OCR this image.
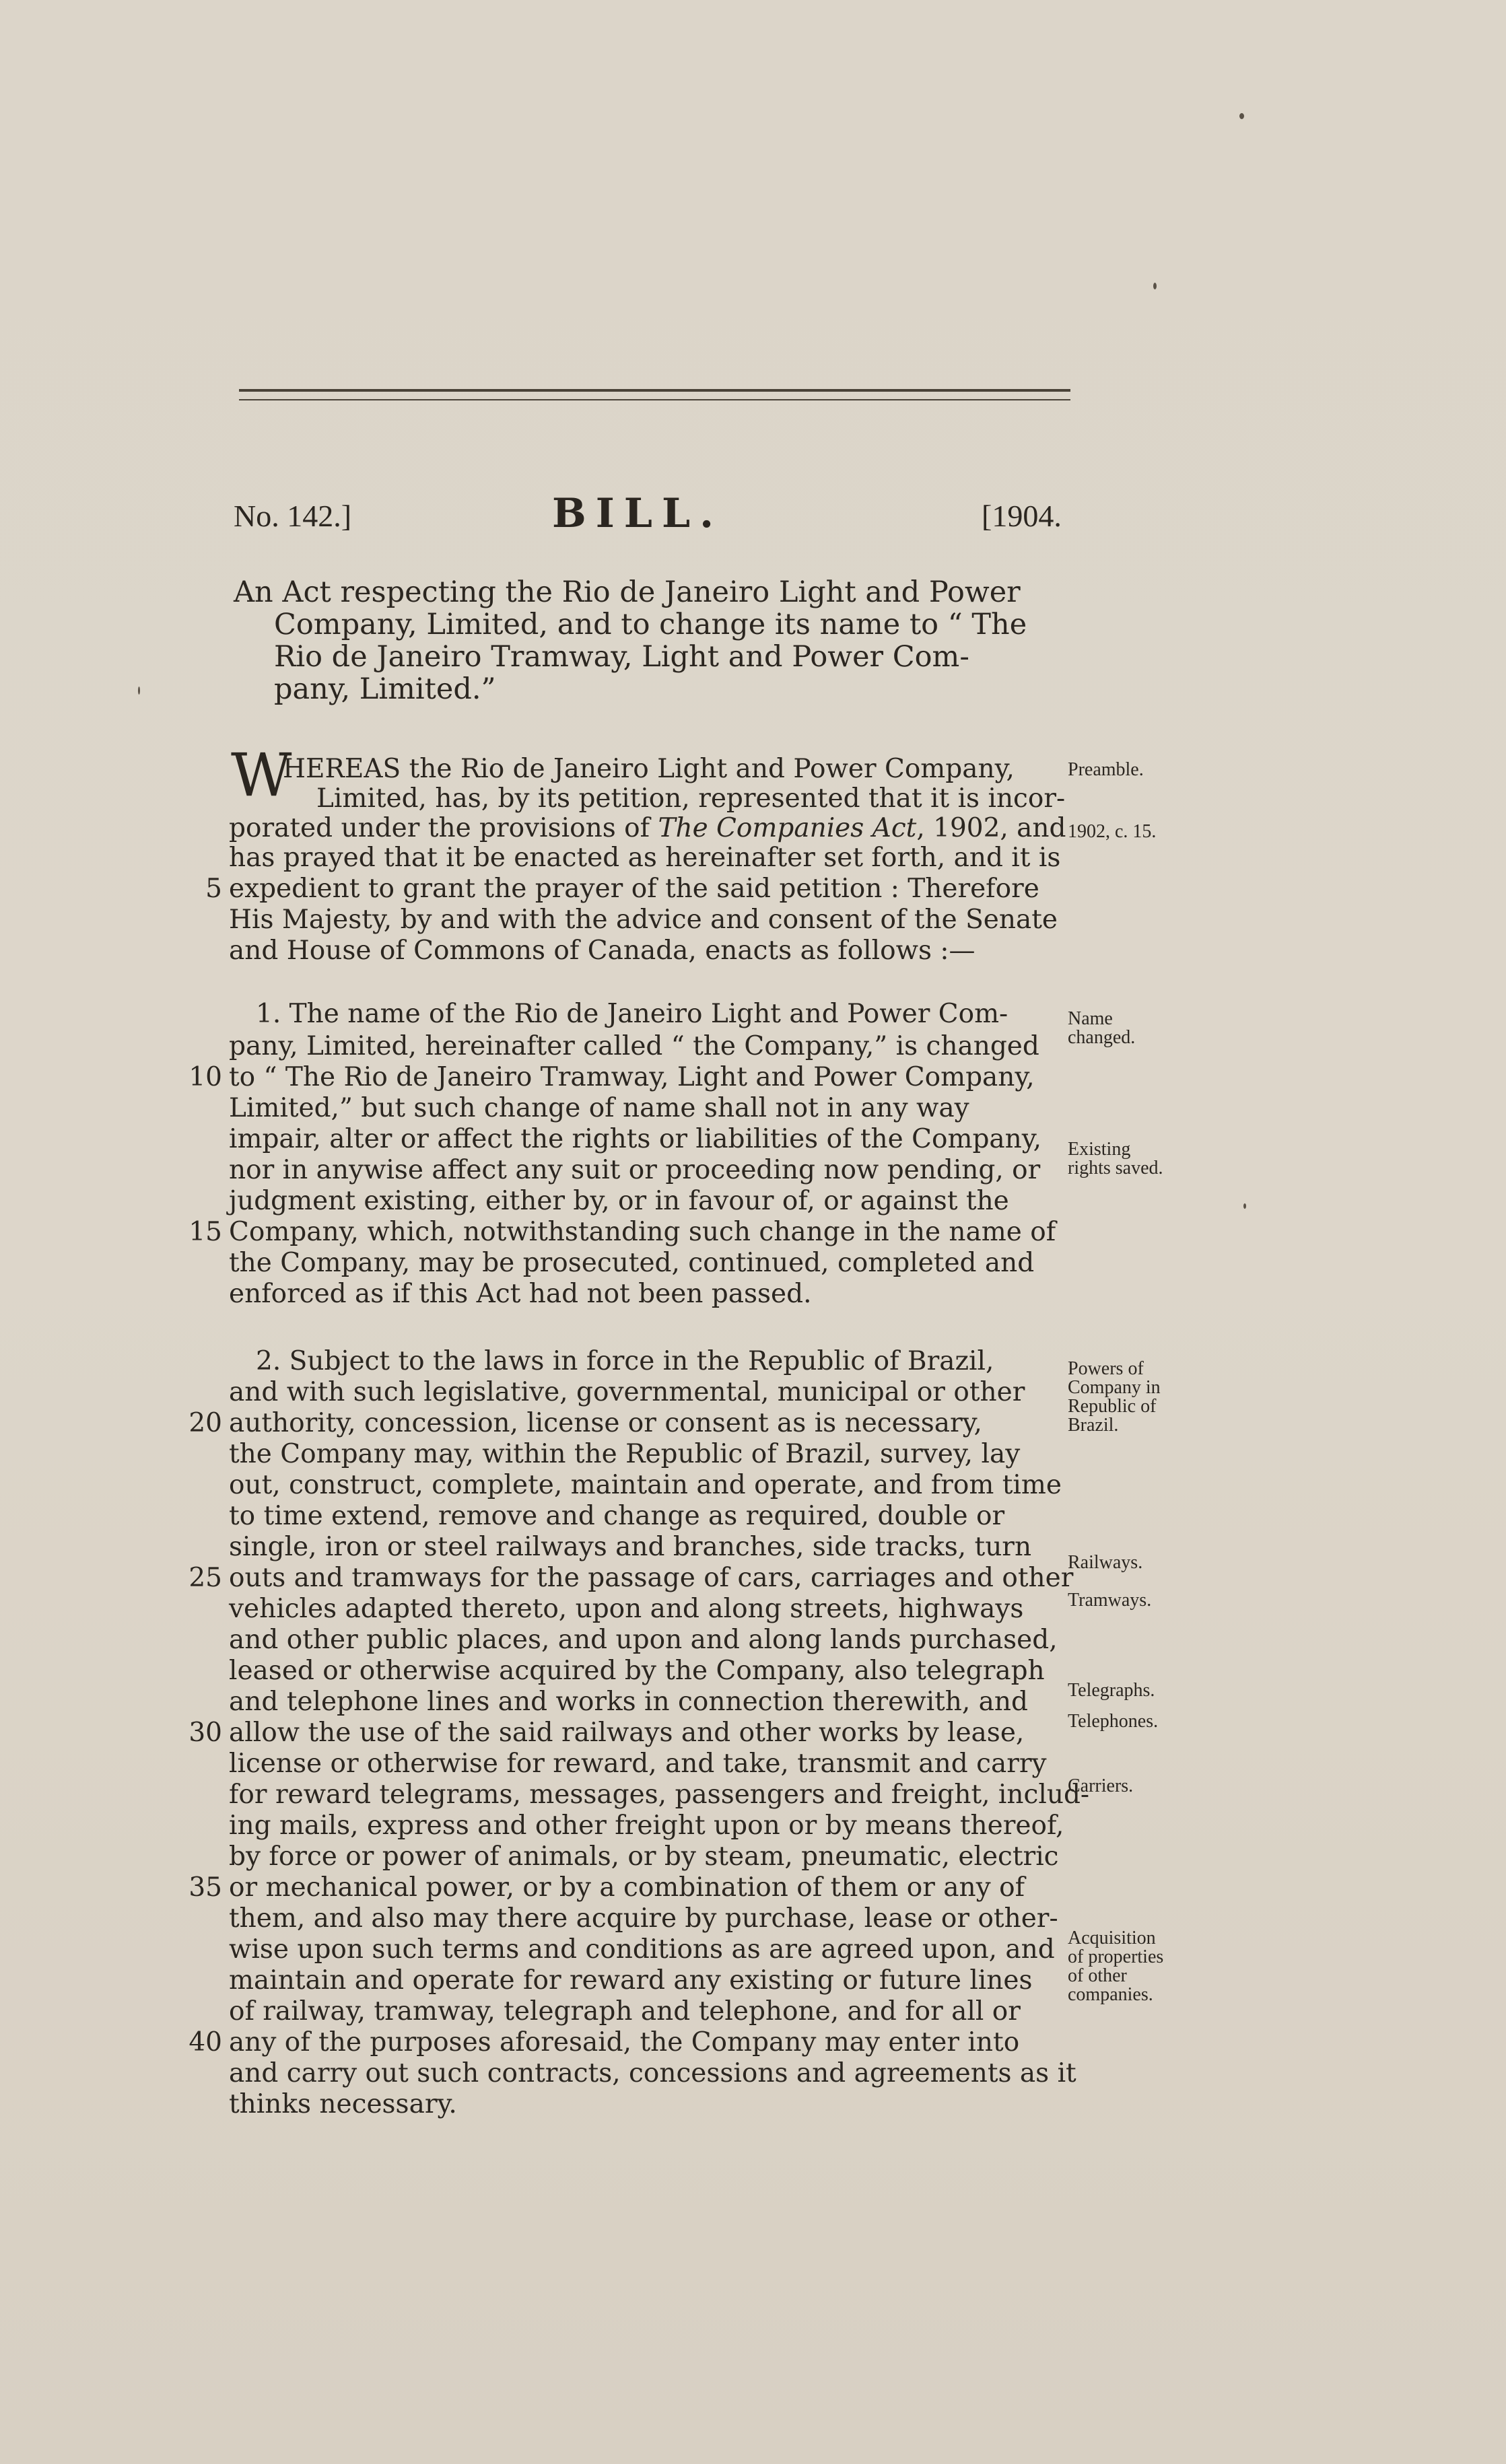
No. 142.]	BILL.	[1904.
An Act respecting the Rio de Janeiro Light and Power
Company, Limited, and to change its name to “ The
Rio de Janeiro Tramway, Light and Power Com-
pany, Limited.”
W
HEREAS the Rio de Janeiro Light and Power Company,
Limited, has, by its petition, represented that it is incor-
porated under the provisions of The Companies Act, 1902, and
has prayed that it be enacted as hereinafter set forth, and it is
expedient to grant the prayer of the said petition : Therefore
His Majesty, by and with the advice and consent of the Senate
and House of Commons of Canada, enacts as follows :—
1. The name of the Rio de Janeiro Light and Power Com-
pany, Limited, hereinafter called “ the Company,” is changed
to “ The Rio de Janeiro Tramway, Light and Power Company,
Limited,” but such change of name shall not in any way
impair, alter or affect the rights or liabilities of the Company,
nor in anywise affect any suit or proceeding now pending, or
judgment existing, either by, or in favour of, or against the
Company, which, notwithstanding such change in the name of
the Company, may be prosecuted, continued, completed and
enforced as if this Act had not been passed.
2. Subject to the laws in force in the Republic of Brazil,
and with such legislative, governmental, municipal or other
authority, concession, license or consent as is necessary,
the Company may, within the Republic of Brazil, survey, lay
out, construct, complete, maintain and operate, and from time
to time extend, remove and change as required, double or
single, iron or steel railways and branches, side tracks, turn
outs and tramways for the passage of cars, carriages and other
vehicles adapted thereto, upon and along streets, highways
and other public places, and upon and along lands purchased,
leased or otherwise acquired by the Company, also telegraph
and telephone lines and works in connection therewith, and
allow the use of the said railways and other works by lease,
license or otherwise for reward, and take, transmit and carry
for reward telegrams, messages, passengers and freight, includ-
ing mails, express and other freight upon or by means thereof,
by force or power of animals, or by steam, pneumatic, electric
or mechanical power, or by a combination of them or any of
them, and also may there acquire by purchase, lease or other-
wise upon such terms and conditions as are agreed upon, and
maintain and operate for reward any existing or future lines
of railway, tramway, telegraph and telephone, and for all or
any of the purposes aforesaid, the Company may enter into
and carry out such contracts, concessions and agreements as it
thinks necessary.
5
10
15
20
25
30
35
40
Preamble.
1902, c. 15.
Name
changed.
Existing
rights saved.
Powers of
Company in
Republic of
Brazil.
Railways.
Tramways.
Telegraphs.
Telephones.
Carriers.
Acquisition
of properties
of other
companies.
